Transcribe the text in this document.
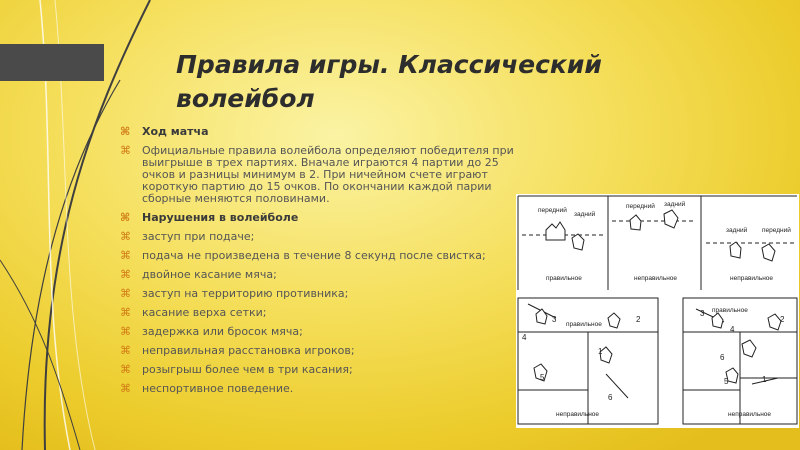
Правила игры. Классический волейбол
⌘ Ход матча
⌘ Официальные правила волейбола определяют победителя при выигрыше в трех партиях. Вначале играются 4 партии до 25 очков и разницы минимум в 2. При ничейном счете играют короткую партию до 15 очков. По окончании каждой парии сборные меняются половинами.
⌘ Нарушения в волейболе
⌘ заступ при подаче;
⌘ подача не произведена в течение 8 секунд после свистка;
⌘ двойное касание мяча;
⌘ заступ на территорию противника;
⌘ касание верха сетки;
⌘ задержка или бросок мяча;
⌘ неправильная расстановка игроков;
⌘ розыгрыш более чем в три касания;
⌘ неспортивное поведение.
передний
задний
правильное
передний задний
неправильное
задний передний
неправильное
правильное
неправильное
правильное
неправильное
4
3	2
1
5
6
3
4
2
5
6
1
